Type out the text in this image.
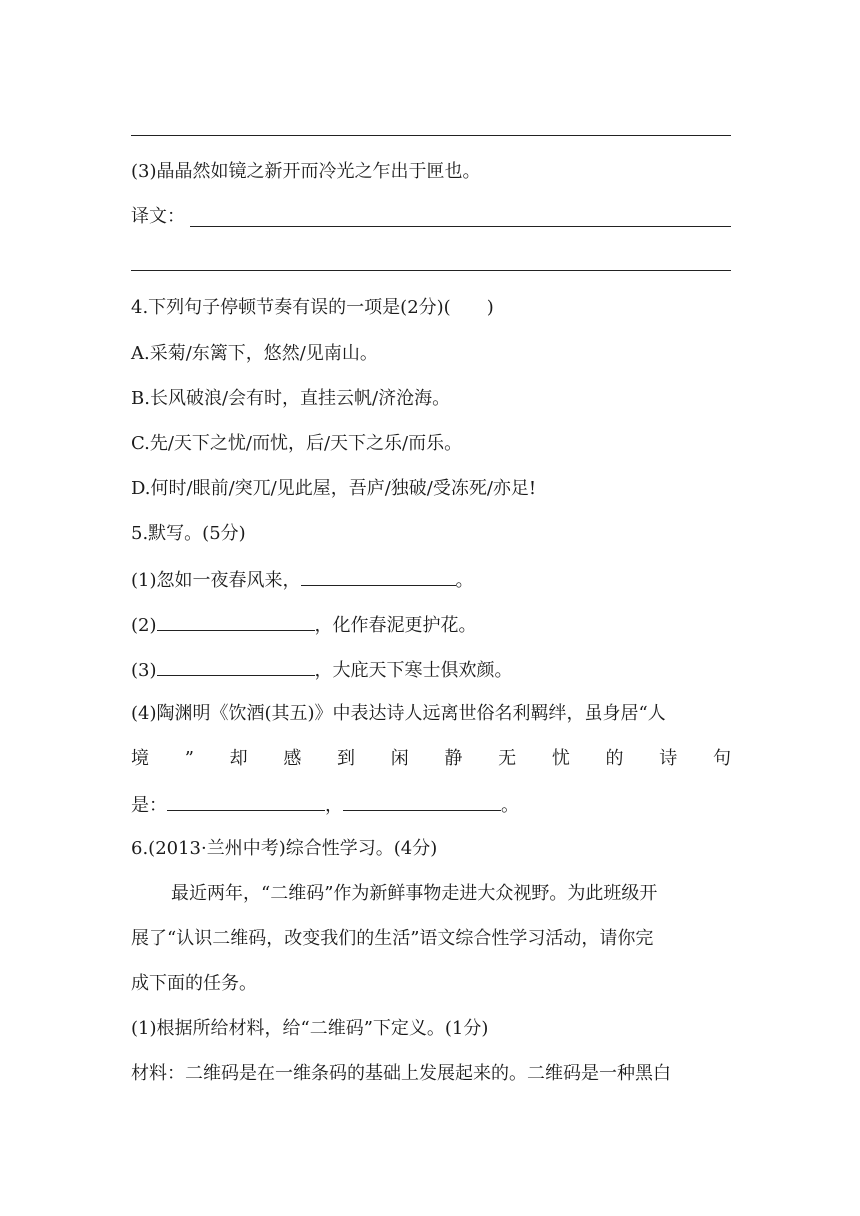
(3)晶晶然如镜之新开而冷光之乍出于匣也。
译文：
4.下列句子停顿节奏有误的一项是(2分)(　　)
A.采菊/东篱下，悠然/见南山。
B.长风破浪/会有时，直挂云帆/济沧海。
C.先/天下之忧/而忧，后/天下之乐/而乐。
D.何时/眼前/突兀/见此屋，吾庐/独破/受冻死/亦足!
5.默写。(5分)
(1)忽如一夜春风来，	。
(2)	，化作春泥更护花。
(3)	，大庇天下寒士俱欢颜。
(4)陶渊明《饮酒(其五)》中表达诗人远离世俗名利羁绊，虽身居“人
境 ” 却 感 到 闲 静 无 忧 的 诗 句
是：	，	。
6.(2013·兰州中考)综合性学习。(4分)
最近两年，“二维码”作为新鲜事物走进大众视野。为此班级开
展了“认识二维码，改变我们的生活”语文综合性学习活动，请你完
成下面的任务。
(1)根据所给材料，给“二维码”下定义。(1分)
材料：二维码是在一维条码的基础上发展起来的。二维码是一种黑白
